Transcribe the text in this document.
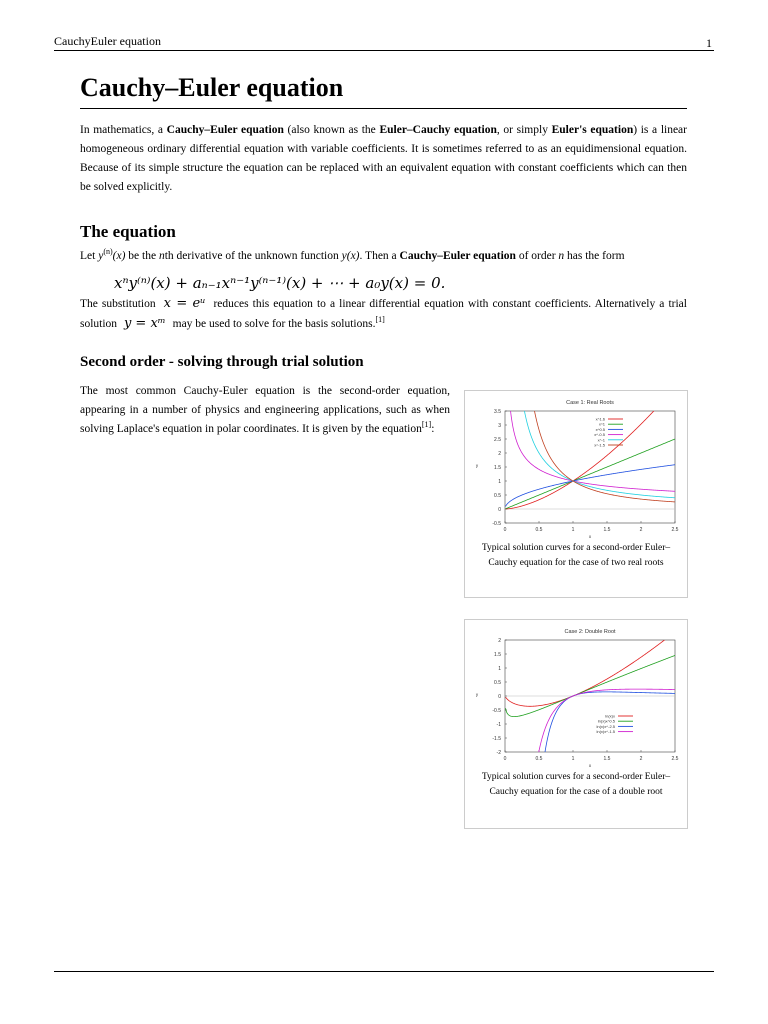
CauchyEuler equation	1
Cauchy–Euler equation

In mathematics, a Cauchy–Euler equation (also known as the Euler–Cauchy equation, or simply Euler's equation) is a linear homogeneous ordinary differential equation with variable coefficients. It is sometimes referred to as an equidimensional equation. Because of its simple structure the equation can be replaced with an equivalent equation with constant coefficients which can then be solved explicitly.

The equation

Let $y^{(n)}(x)$ be the nth derivative of the unknown function y(x). Then a Cauchy–Euler equation of order n has the form

xⁿy⁽ⁿ⁾(x) + aₙ₋₁xⁿ⁻¹y⁽ⁿ⁻¹⁾(x) + ⋯ + a₀y(x) = 0.

The substitution x = eᵘ reduces this equation to a linear differential equation with constant coefficients. Alternatively a trial solution y = xᵐ may be used to solve for the basis solutions.[1]

Second order - solving through trial solution

The most common Cauchy-Euler equation is the second-order equation, appearing in a number of physics and engineering applications, such as when solving Laplace's equation in polar coordinates. It is given by the equation[1]:

Case 1: Real Roots
-0.5
0
0.5
1
1.5
2
2.5
3
3.5
0	0.5	1	1.5	2	2.5
x
y
x^1.6
x^1
x^0.5
x^-0.5
x^-1
x^-1.5
Typical solution curves for a second-order Euler–Cauchy equation for the case of two real roots
Case 2: Double Root
-2
-1.5
-1
-0.5
0
0.5
1
1.5
2
0	0.5	1	1.5	2	2.5
x
y
ln(x)x
ln(x)x^0.5
ln(x)x^-2.5
ln(x)x^-1.5
Typical solution curves for a second-order Euler–Cauchy equation for the case of a double root
